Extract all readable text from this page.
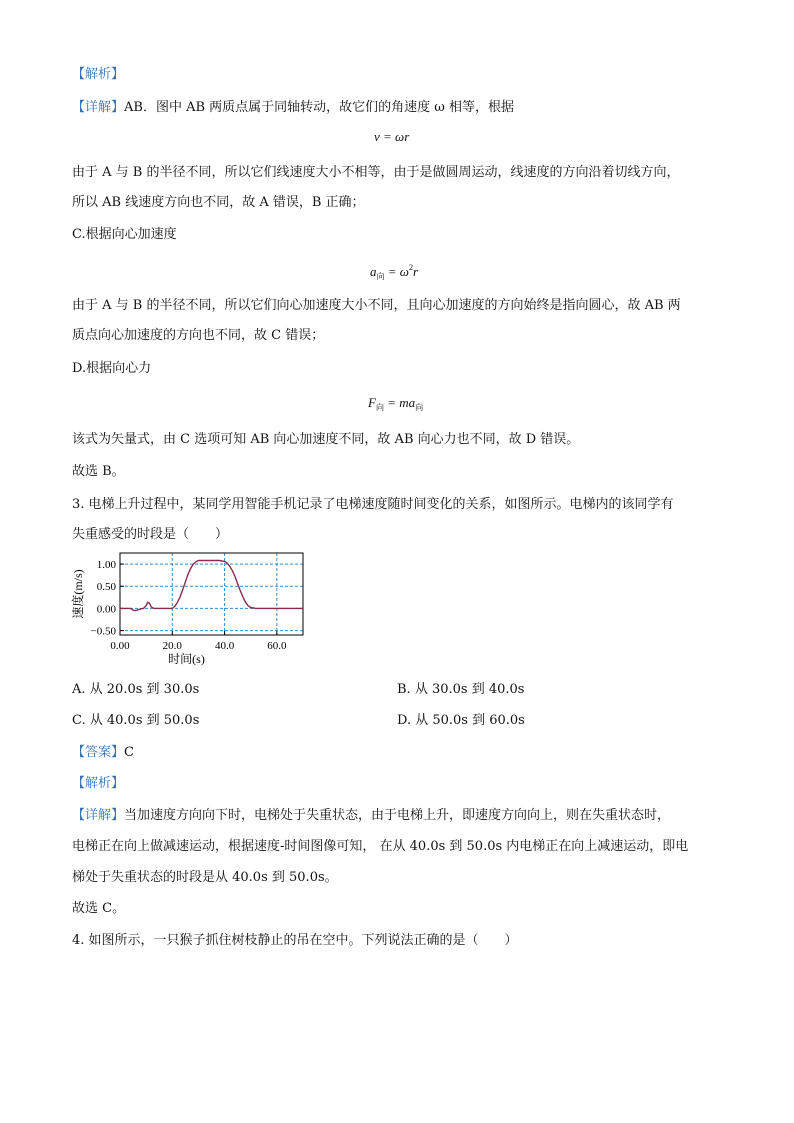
【解析】
【详解】AB．图中 AB 两质点属于同轴转动，故它们的角速度 ω 相等，根据
v = ωr
由于 A 与 B 的半径不同，所以它们线速度大小不相等，由于是做圆周运动，线速度的方向沿着切线方向，
所以 AB 线速度方向也不同，故 A 错误，B 正确；
C.根据向心加速度
$a_向 = \omega^2r$
由于 A 与 B 的半径不同，所以它们向心加速度大小不同，且向心加速度的方向始终是指向圆心，故 AB 两
质点向心加速度的方向也不同，故 C 错误；
D.根据向心力
$F_向 = ma_向$
该式为矢量式，由 C 选项可知 AB 向心加速度不同，故 AB 向心力也不同，故 D 错误。
故选 B。
3. 电梯上升过程中，某同学用智能手机记录了电梯速度随时间变化的关系，如图所示。电梯内的该同学有
失重感受的时段是（　　）
0.00	20.0	40.0	60.0
1.00
0.50
0.00
−0.50
时间(s)
速度(m/s)
A. 从 20.0s 到 30.0s	B. 从 30.0s 到 40.0s
C. 从 40.0s 到 50.0s	D. 从 50.0s 到 60.0s
【答案】C
【解析】
【详解】当加速度方向向下时，电梯处于失重状态，由于电梯上升，即速度方向向上，则在失重状态时，
电梯正在向上做减速运动，根据速度-时间图像可知， 在从 40.0s 到 50.0s 内电梯正在向上减速运动，即电
梯处于失重状态的时段是从 40.0s 到 50.0s。
故选 C。
4. 如图所示，一只猴子抓住树枝静止的吊在空中。下列说法正确的是（　　）
